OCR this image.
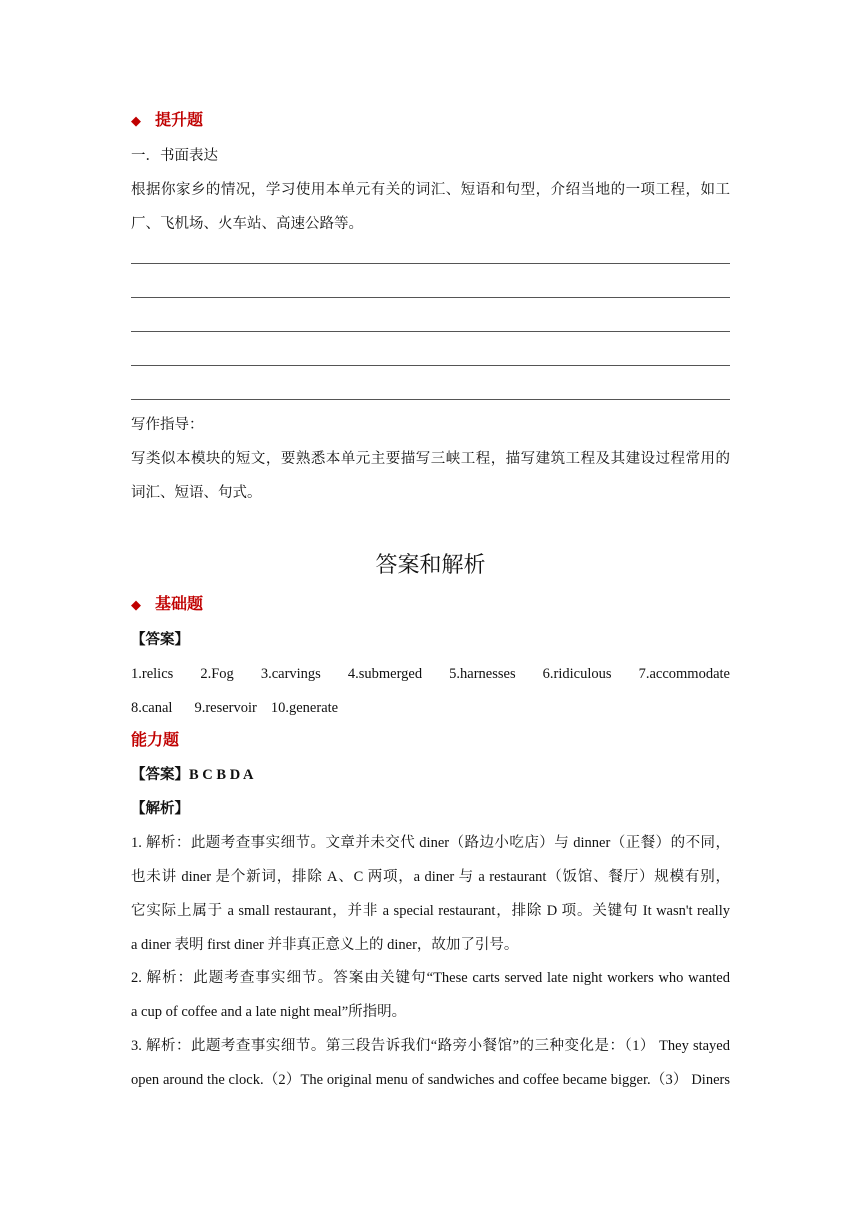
◆ 提升题
一．书面表达
根据你家乡的情况，学习使用本单元有关的词汇、短语和句型，介绍当地的一项工程，如工
厂、飞机场、火车站、高速公路等。
写作指导：
写类似本模块的短文，要熟悉本单元主要描写三峡工程，描写建筑工程及其建设过程常用的
词汇、短语、句式。
答案和解析
◆ 基础题
【答案】
1.relics 2.Fog 3.carvings 4.submerged 5.harnesses 6.ridiculous 7.accommodate
8.canal 9.reservoir 10.generate
能力题
【答案】B C B D A
【解析】
1. 解析：此题考查事实细节。文章并未交代 diner（路边小吃店）与 dinner（正餐）的不同，
也未讲 diner 是个新词，排除 A、C 两项，a diner 与 a restaurant（饭馆、餐厅）规模有别，
它实际上属于 a small restaurant，并非 a special restaurant，排除 D 项。关键句 It wasn't really
a diner 表明 first diner 并非真正意义上的 diner，故加了引号。
2. 解析：此题考查事实细节。答案由关键句“These carts served late night workers who wanted
a cup of coffee and a late night meal”所指明。
3. 解析：此题考查事实细节。第三段告诉我们“路旁小餐馆”的三种变化是：（1） They stayed
open around the clock.（2）The original menu of sandwiches and coffee became bigger.（3） Diners
